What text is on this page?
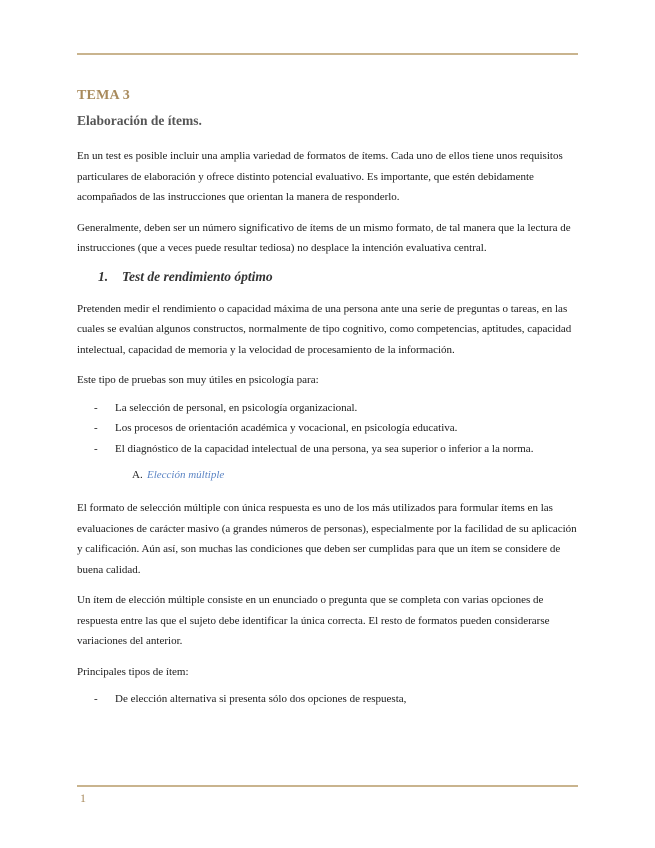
TEMA 3
Elaboración de ítems.

En un test es posible incluir una amplia variedad de formatos de ítems. Cada uno de ellos tiene unos requisitos particulares de elaboración y ofrece distinto potencial evaluativo. Es importante, que estén debidamente acompañados de las instrucciones que orientan la manera de responderlo.

Generalmente, deben ser un número significativo de ítems de un mismo formato, de tal manera que la lectura de instrucciones (que a veces puede resultar tediosa) no desplace la intención evaluativa central.

1. Test de rendimiento óptimo

Pretenden medir el rendimiento o capacidad máxima de una persona ante una serie de preguntas o tareas, en las cuales se evalúan algunos constructos, normalmente de tipo cognitivo, como competencias, aptitudes, capacidad intelectual, capacidad de memoria y la velocidad de procesamiento de la información.

Este tipo de pruebas son muy útiles en psicología para:

- La selección de personal, en psicología organizacional.
- Los procesos de orientación académica y vocacional, en psicología educativa.
- El diagnóstico de la capacidad intelectual de una persona, ya sea superior o inferior a la norma.
A. Elección múltiple

El formato de selección múltiple con única respuesta es uno de los más utilizados para formular ítems en las evaluaciones de carácter masivo (a grandes números de personas), especialmente por la facilidad de su aplicación y calificación. Aún así, son muchas las condiciones que deben ser cumplidas para que un ítem se considere de buena calidad.

Un ítem de elección múltiple consiste en un enunciado o pregunta que se completa con varias opciones de respuesta entre las que el sujeto debe identificar la única correcta. El resto de formatos pueden considerarse variaciones del anterior.

Principales tipos de ítem:

- De elección alternativa si presenta sólo dos opciones de respuesta,
1
